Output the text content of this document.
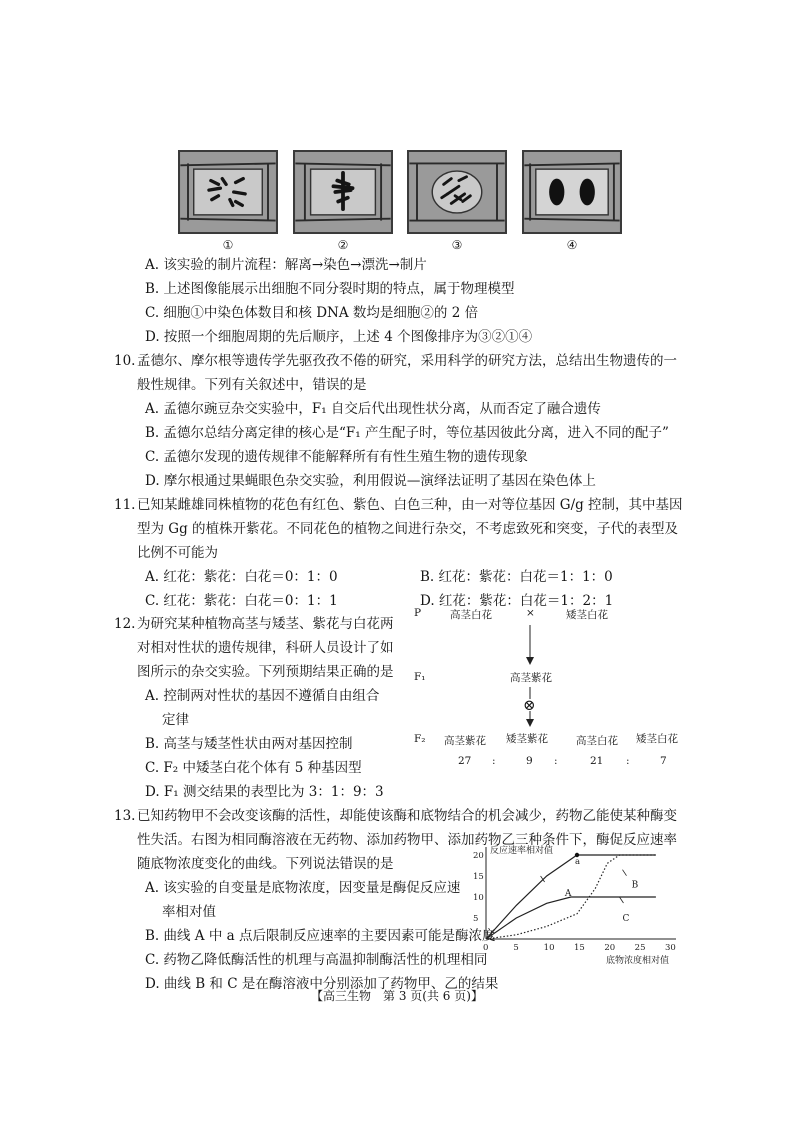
①	②	③	④
A. 该实验的制片流程：解离→染色→漂洗→制片
B. 上述图像能展示出细胞不同分裂时期的特点，属于物理模型
C. 细胞①中染色体数目和核 DNA 数均是细胞②的 2 倍
D. 按照一个细胞周期的先后顺序，上述 4 个图像排序为③②①④
10. 孟德尔、摩尔根等遗传学先驱孜孜不倦的研究，采用科学的研究方法，总结出生物遗传的一
般性规律。下列有关叙述中，错误的是
A. 孟德尔豌豆杂交实验中，F₁ 自交后代出现性状分离，从而否定了融合遗传
B. 孟德尔总结分离定律的核心是“F₁ 产生配子时，等位基因彼此分离，进入不同的配子”
C. 孟德尔发现的遗传规律不能解释所有有性生殖生物的遗传现象
D. 摩尔根通过果蝇眼色杂交实验，利用假说—演绎法证明了基因在染色体上
11. 已知某雌雄同株植物的花色有红色、紫色、白色三种，由一对等位基因 G/g 控制，其中基因
型为 Gg 的植株开紫花。不同花色的植物之间进行杂交，不考虑致死和突变，子代的表型及
比例不可能为
A. 红花：紫花：白花＝0：1：0	B. 红花：紫花：白花＝1：1：0
C. 红花：紫花：白花＝0：1：1	D. 红花：紫花：白花＝1：2：1
12. 为研究某种植物高茎与矮茎、紫花与白花两
对相对性状的遗传规律，科研人员设计了如
图所示的杂交实验。下列预期结果正确的是
A. 控制两对性状的基因不遵循自由组合
定律
B. 高茎与矮茎性状由两对基因控制
C. F₂ 中矮茎白花个体有 5 种基因型
D. F₁ 测交结果的表型比为 3：1：9：3
P	高茎白花	×	矮茎白花
F₁	高茎紫花
⊗
F₂ 高茎紫花 矮茎紫花	高茎白花 矮茎白花
27 :	9 :	21 :	7
13. 已知药物甲不会改变该酶的活性，却能使该酶和底物结合的机会减少，药物乙能使某种酶变
性失活。右图为相同酶溶液在无药物、添加药物甲、添加药物乙三种条件下，酶促反应速率
随底物浓度变化的曲线。下列说法错误的是
A. 该实验的自变量是底物浓度，因变量是酶促反应速
率相对值
B. 曲线 A 中 a 点后限制反应速率的主要因素可能是酶浓度
C. 药物乙降低酶活性的机理与高温抑制酶活性的机理相同
D. 曲线 B 和 C 是在酶溶液中分别添加了药物甲、乙的结果
反应速率相对值
底物浓度相对值
0	5	10 15 20 25 30
5
10
15
20
A
B
C
a
【高三生物　第 3 页(共 6 页)】
